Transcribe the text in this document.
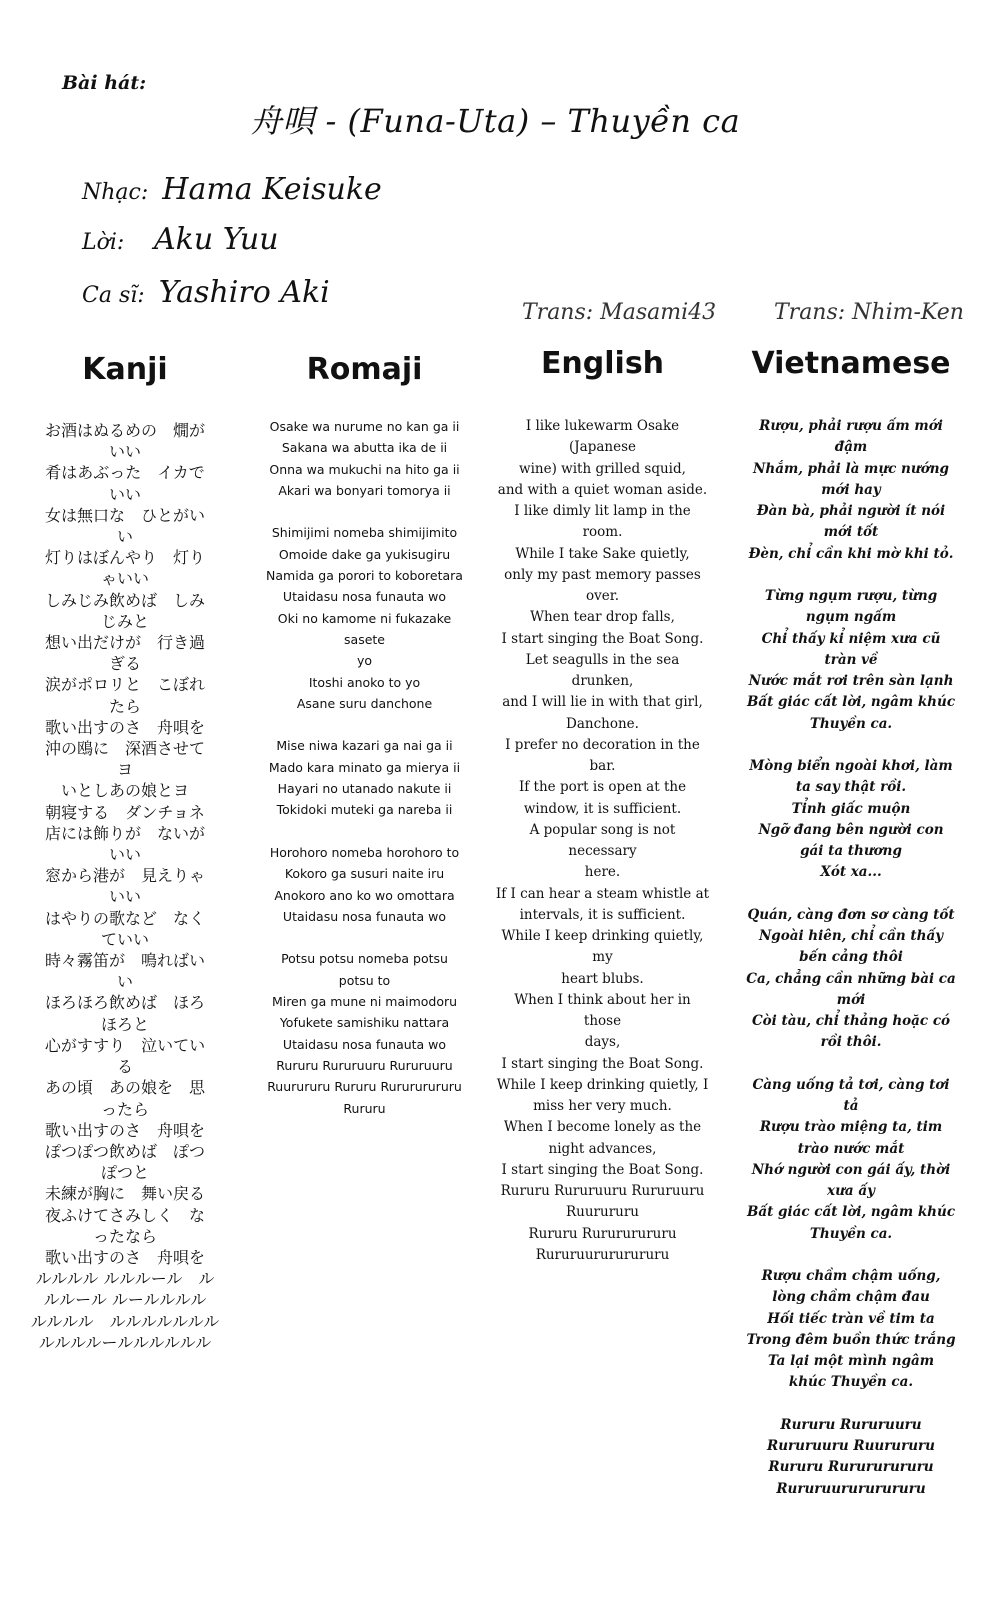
Bài hát:
舟唄 - (Funa-Uta) – Thuyền ca
Nhạc: Hama Keisuke
Lời: Aku Yuu
Ca sĩ: Yashiro Aki
Trans: Masami43	Trans: Nhim-Ken
Kanji	Romaji	English	Vietnamese
お酒はぬるめの　燗が
いい
肴はあぶった　イカで
いい
女は無口な　ひとがい
い
灯りはぼんやり　灯り
ゃいい
しみじみ飲めば　しみ
じみと
想い出だけが　行き過
ぎる
涙がポロリと　こぼれ
たら
歌い出すのさ　舟唄を
沖の鴎に　深酒させて
ヨ
いとしあの娘とヨ
朝寝する　ダンチョネ
店には飾りが　ないが
いい
窓から港が　見えりゃ
いい
はやりの歌など　なく
ていい
時々霧笛が　鳴ればい
い
ほろほろ飲めば　ほろ
ほろと
心がすすり　泣いてい
る
あの頃　あの娘を　思
ったら
歌い出すのさ　舟唄を
ぽつぽつ飲めば　ぽつ
ぽつと
未練が胸に　舞い戻る
夜ふけてさみしく　な
ったなら
歌い出すのさ　舟唄を
ルルルル ルルルール　ル
ルルール ルールルルル
ルルルル　ルルルルルルル
ルルルルールルルルルル
Osake wa nurume no kan ga ii
Sakana wa abutta ika de ii
Onna wa mukuchi na hito ga ii
Akari wa bonyari tomorya ii

Shimijimi nomeba shimijimito
Omoide dake ga yukisugiru
Namida ga porori to koboretara
Utaidasu nosa funauta wo
Oki no kamome ni fukazake sasete
yo
Itoshi anoko to yo
Asane suru danchone

Mise niwa kazari ga nai ga ii
Mado kara minato ga mierya ii
Hayari no utanado nakute ii
Tokidoki muteki ga nareba ii

Horohoro nomeba horohoro to
Kokoro ga susuri naite iru
Anokoro ano ko wo omottara
Utaidasu nosa funauta wo

Potsu potsu nomeba potsu potsu to
Miren ga mune ni maimodoru
Yofukete samishiku nattara
Utaidasu nosa funauta wo
Rururu Rururuuru Rururuuru
Ruurururu Rururu Rurururururu
Rururu
I like lukewarm Osake (Japanese
wine) with grilled squid,
and with a quiet woman aside.
I like dimly lit lamp in the room.
While I take Sake quietly,
only my past memory passes
over.
When tear drop falls,
I start singing the Boat Song.
Let seagulls in the sea drunken,
and I will lie in with that girl,
Danchone.
I prefer no decoration in the bar.
If the port is open at the
window, it is sufficient.
A popular song is not necessary
here.
If I can hear a steam whistle at
intervals, it is sufficient.
While I keep drinking quietly, my
heart blubs.
When I think about her in those
days,
I start singing the Boat Song.
While I keep drinking quietly, I
miss her very much.
When I become lonely as the
night advances,
I start singing the Boat Song.
Rururu Rururuuru Rururuuru
Ruurururu
Rururu Rurururururu
Rururuurururururu
Rượu, phải rượu ấm mới
đậm
Nhắm, phải là mực nướng
mới hay
Đàn bà, phải người ít nói
mới tốt
Đèn, chỉ cần khi mờ khi tỏ.

Từng ngụm rượu, từng
ngụm ngấm
Chỉ thấy kỉ niệm xưa cũ
tràn về
Nước mắt rơi trên sàn lạnh
Bất giác cất lời, ngâm khúc
Thuyền ca.

Mòng biển ngoài khơi, làm
ta say thật rồi.
Tỉnh giấc muộn
Ngỡ đang bên người con
gái ta thương
Xót xa...

Quán, càng đơn sơ càng tốt
Ngoài hiên, chỉ cần thấy
bến cảng thôi
Ca, chẳng cần những bài ca
mới
Còi tàu, chỉ thảng hoặc có
rồi thôi.

Càng uống tả tơi, càng tơi
tả
Rượu trào miệng ta, tim
trào nước mắt
Nhớ người con gái ấy, thời
xưa ấy
Bất giác cất lời, ngâm khúc
Thuyền ca.

Rượu chầm chậm uống,
lòng chầm chậm đau
Hối tiếc tràn về tim ta
Trong đêm buồn thức trắng
Ta lại một mình ngâm
khúc Thuyền ca.

Rururu Rururuuru
Rururuuru Ruurururu
Rururu Rurururururu
Rururuurururururu
